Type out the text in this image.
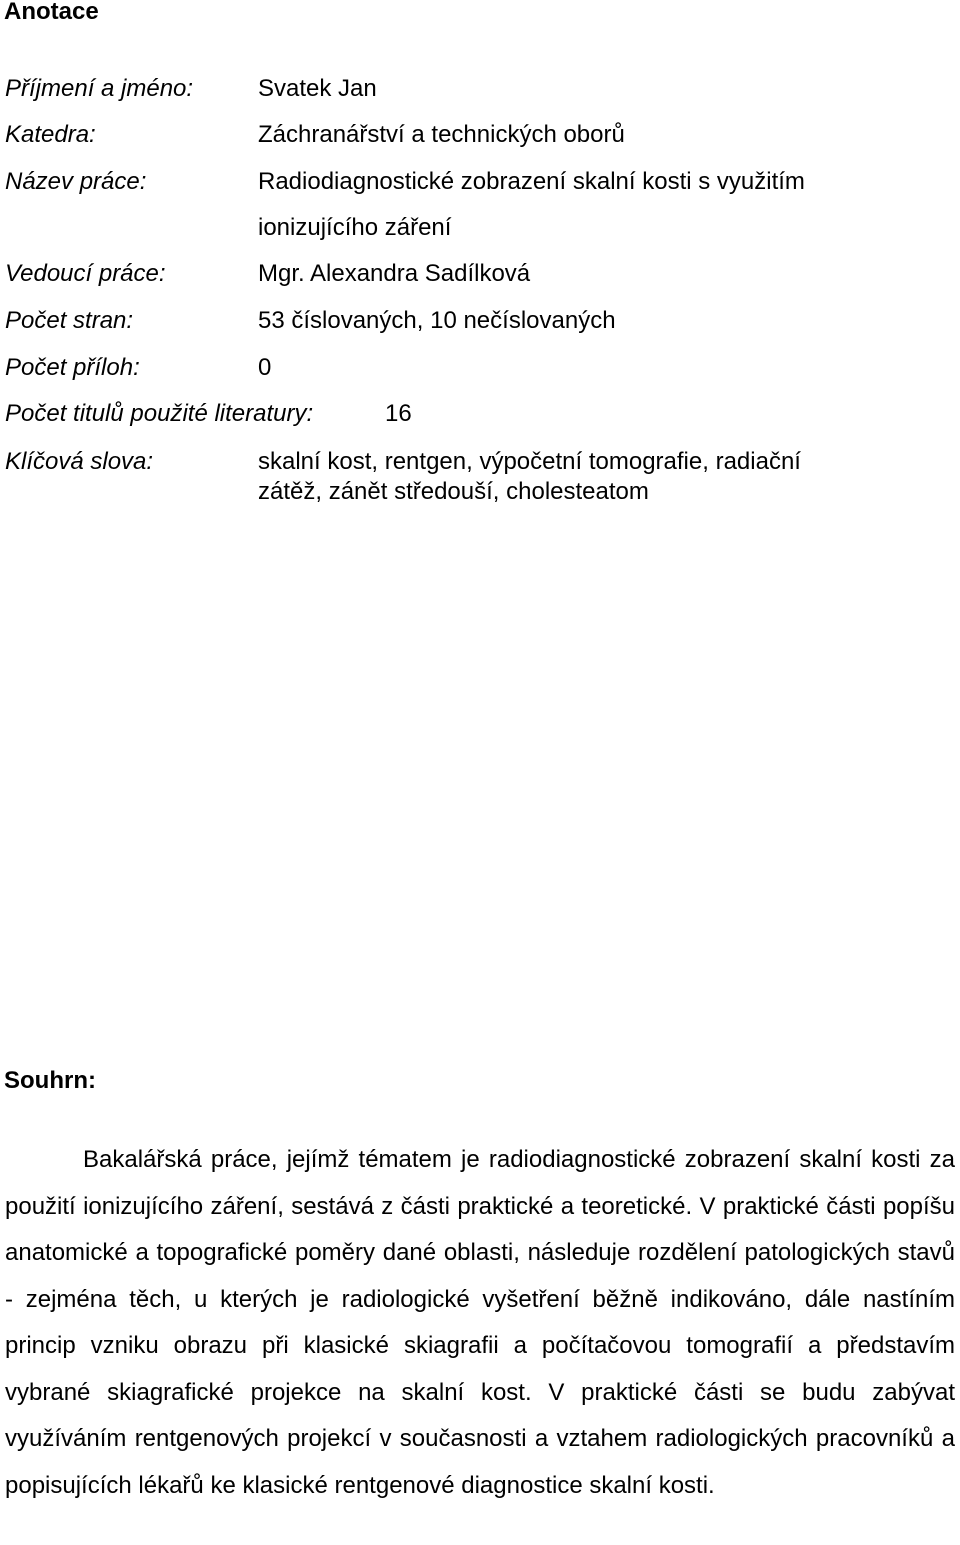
Anotace
Příjmení a jméno:	Svatek Jan
Katedra:	Záchranářství a technických oborů
Název práce:	Radiodiagnostické zobrazení skalní kosti s využitím
ionizujícího záření
Vedoucí práce:	Mgr. Alexandra Sadílková
Počet stran:	53 číslovaných, 10 nečíslovaných
Počet příloh:	0
Počet titulů použité literatury:	16
Klíčová slova:	skalní kost, rentgen, výpočetní tomografie, radiační
zátěž, zánět středouší, cholesteatom
Souhrn:

Bakalářská práce, jejímž tématem je radiodiagnostické zobrazení skalní kosti za použití ionizujícího záření, sestává z části praktické a teoretické. V praktické části popíšu anatomické a topografické poměry dané oblasti, následuje rozdělení patologických stavů - zejména těch, u kterých je radiologické vyšetření běžně indikováno, dále nastíním princip vzniku obrazu při klasické skiagrafii a počítačovou tomografií a představím vybrané skiagrafické projekce na skalní kost. V praktické části se budu zabývat využíváním rentgenových projekcí v současnosti a vztahem radiologických pracovníků a popisujících lékařů ke klasické rentgenové diagnostice skalní kosti.
